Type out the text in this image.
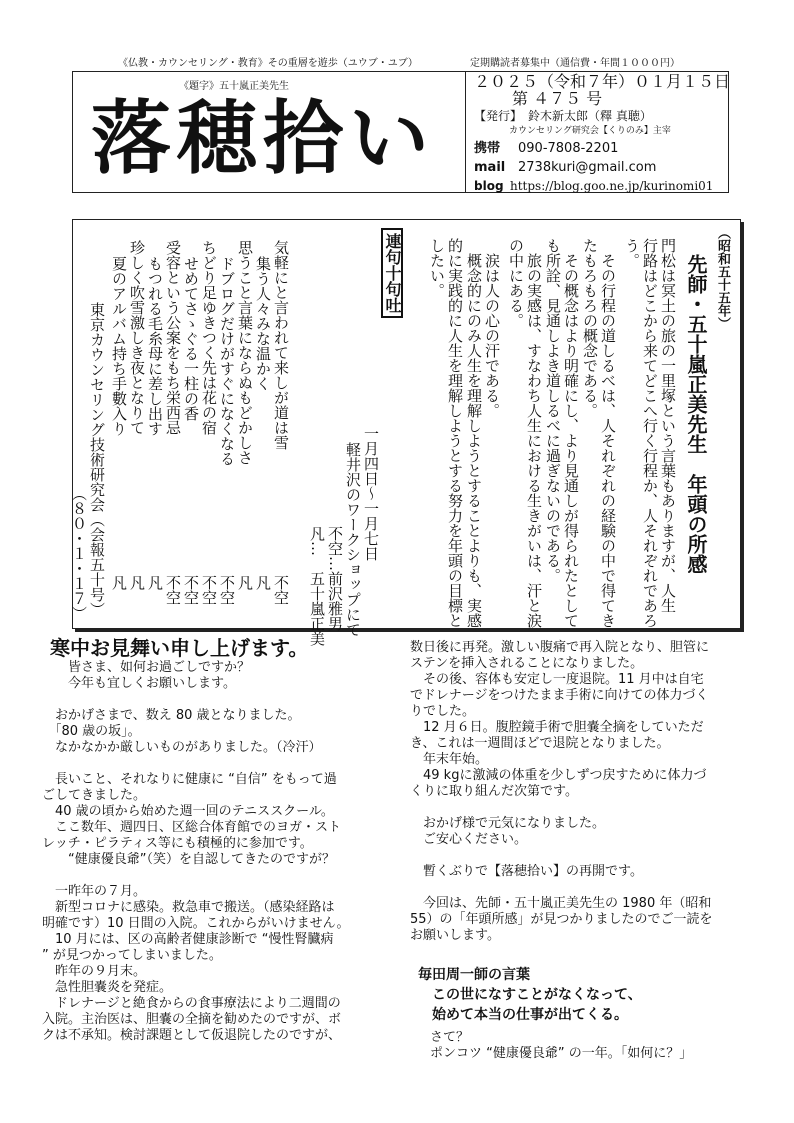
《仏教・カウンセリング・教育》その重層を遊歩（ユウブ・ユブ）	定期購読者募集中（通信費・年間１０００円）
《題字》五十嵐正美先生
落穂拾い
２０２５（令和７年）０１月１５日
第 ４７５ 号
【発行】　鈴木新太郎（釋 真聴）
カウンセリング研究会【くりのみ】主宰
携帯 090-7808-2201
mail 2738kuri@gmail.com
blog https://blog.goo.ne.jp/kurinomi01
（昭和五十五年）
先師・五十嵐正美先生　年頭の所感
門松は冥土の旅の一里塚という言葉もありますが、人生
行路はどこから来てどこへ行く行程か、人それぞれであろ
う。
　その行程の道しるべは、人それぞれの経験の中で得てき
たもろもろの概念である。
　その概念はより明確にし、より見通しが得られたとして
も所詮、見通しよき道しるべに過ぎないのである。
　旅の実感は、すなわち人生における生きがいは、汗と涙
の中にある。
　涙は人の心の汗である。
　概念的にのみ人生を理解しようとすることよりも、実感
的に実践的に人生を理解しようとする努力を年頭の目標と
したい。
連句十句吐
一月四日～一月七日
軽井沢のワークショップにて
不空…前沢雅男
凡…　五十嵐正美
気軽にと言われて来しが道は雪
不空
集う人々みな温かく
凡
思うこと言葉にならぬもどかしさ
凡
ドブログだけがすぐになくなる
不空
ちどり足ゆきつく先は花の宿
不空
せめてさゝぐる一柱の香
不空
受容という公案をもち栄西忌
不空
もつれる毛糸母に差し出す
凡
珍しく吹雪激しき夜となりて
凡
夏のアルバム持ち手數入り
凡
東京カウンセリング技術研究会（会報五十号）
（８０・１・１７）
寒中お見舞い申し上げます。
　　皆さま、如何お過ごしですか？
　　今年も宜しくお願いします。

　おかげさまで、数え 80 歳となりました。
　「80 歳の坂」。
　なかなかか厳しいものがありました。（冷汗）

　長いこと、それなりに健康に “自信” をもって過
ごしてきました。
　40 歳の頃から始めた週一回のテニススクール。
　ここ数年、週四日、区総合体育館でのヨガ・スト
レッチ・ピラティス等にも積極的に参加です。
　　“健康優良爺”（笑）を自認してきたのですが？

　一昨年の７月。
　新型コロナに感染。救急車で搬送。（感染経路は
明確です）10 日間の入院。これからがいけません。
　10 月には、区の高齢者健康診断で “慢性腎臓病
” が見つかってしまいました。
　昨年の９月末。
　急性胆嚢炎を発症。
　ドレナージと絶食からの食事療法により二週間の
入院。主治医は、胆嚢の全摘を勧めたのですが、ボ
クは不承知。検討課題として仮退院したのですが、
数日後に再発。激しい腹痛で再入院となり、胆管に
ステンを挿入されることになりました。
　その後、容体も安定し一度退院。11 月中は自宅
でドレナージをつけたまま手術に向けての体力づく
りでした。
　12 月６日。腹腔鏡手術で胆嚢全摘をしていただ
き、これは一週間ほどで退院となりました。
　年末年始。
　49 kgに激減の体重を少しずつ戻すために体力づ
くりに取り組んだ次第です。

　おかげ様で元気になりました。
　ご安心ください。

　暫くぶりで【落穂拾い】の再開です。

　今回は、先師・五十嵐正美先生の 1980 年（昭和
55）の「年頭所感」が見つかりましたのでご一読を
お願いします。
毎田周一師の言葉
この世になすことがなくなって、
始めて本当の仕事が出てくる。
さて？
ポンコツ “健康優良爺” の一年。「如何に？」
